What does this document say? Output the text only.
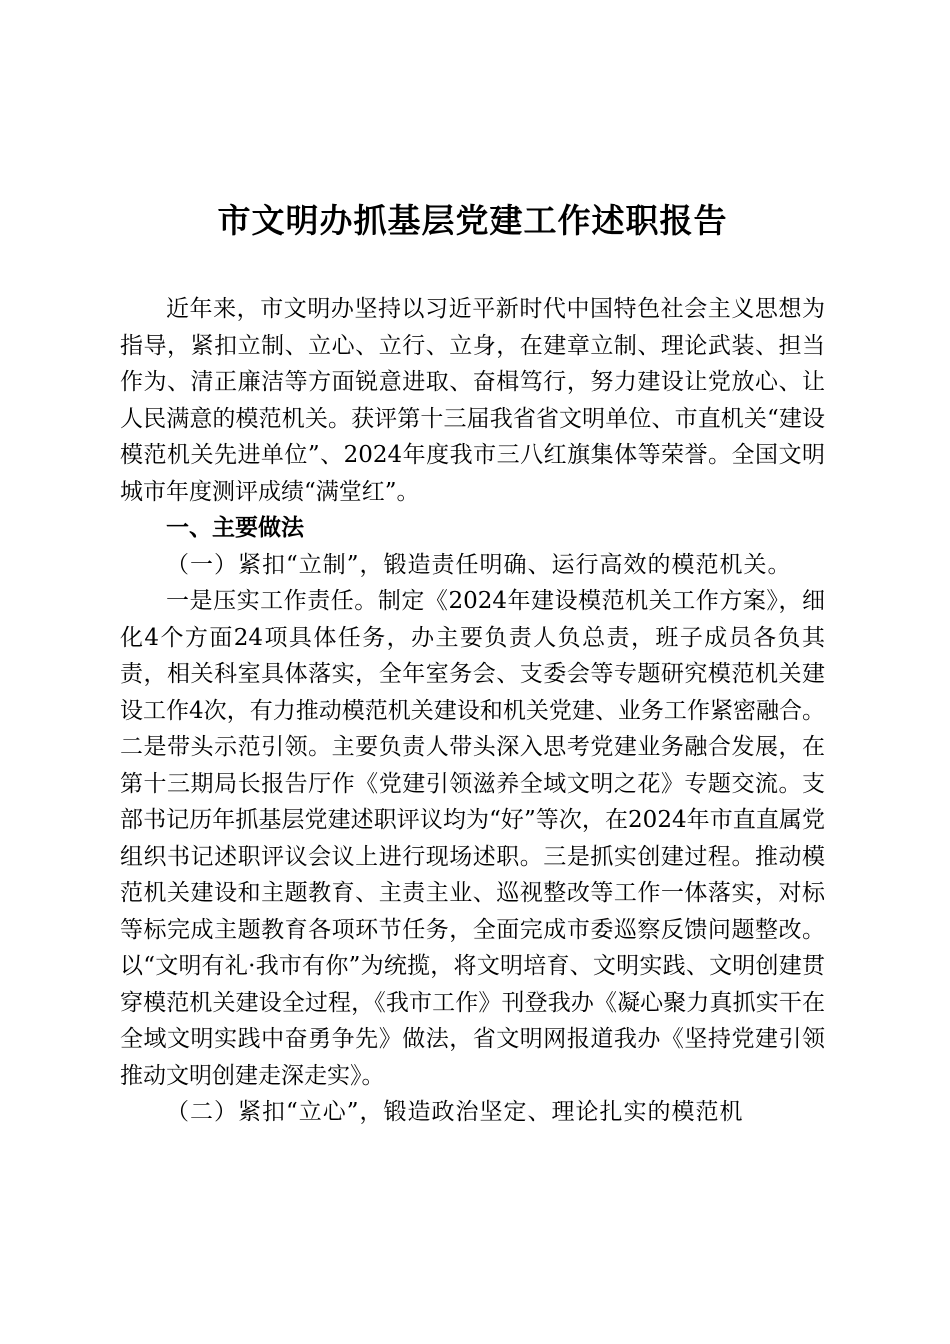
市文明办抓基层党建工作述职报告

近年来，市文明办坚持以习近平新时代中国特色社会主义思想为指导，紧扣立制、立心、立行、立身，在建章立制、理论武装、担当作为、清正廉洁等方面锐意进取、奋楫笃行，努力建设让党放心、让人民满意的模范机关。获评第十三届我省省文明单位、市直机关“建设模范机关先进单位”、2024年度我市三八红旗集体等荣誉。全国文明城市年度测评成绩“满堂红”。

一、主要做法

（一）紧扣“立制”，锻造责任明确、运行高效的模范机关。

一是压实工作责任。制定《2024年建设模范机关工作方案》，细化4个方面24项具体任务，办主要负责人负总责，班子成员各负其责，相关科室具体落实，全年室务会、支委会等专题研究模范机关建设工作4次，有力推动模范机关建设和机关党建、业务工作紧密融合。二是带头示范引领。主要负责人带头深入思考党建业务融合发展，在第十三期局长报告厅作《党建引领滋养全域文明之花》专题交流。支部书记历年抓基层党建述职评议均为“好”等次，在2024年市直直属党组织书记述职评议会议上进行现场述职。三是抓实创建过程。推动模范机关建设和主题教育、主责主业、巡视整改等工作一体落实，对标等标完成主题教育各项环节任务，全面完成市委巡察反馈问题整改。以“文明有礼·我市有你”为统揽，将文明培育、文明实践、文明创建贯穿模范机关建设全过程，《我市工作》刊登我办《凝心聚力真抓实干在全域文明实践中奋勇争先》做法，省文明网报道我办《坚持党建引领推动文明创建走深走实》。

（二）紧扣“立心”，锻造政治坚定、理论扎实的模范机
